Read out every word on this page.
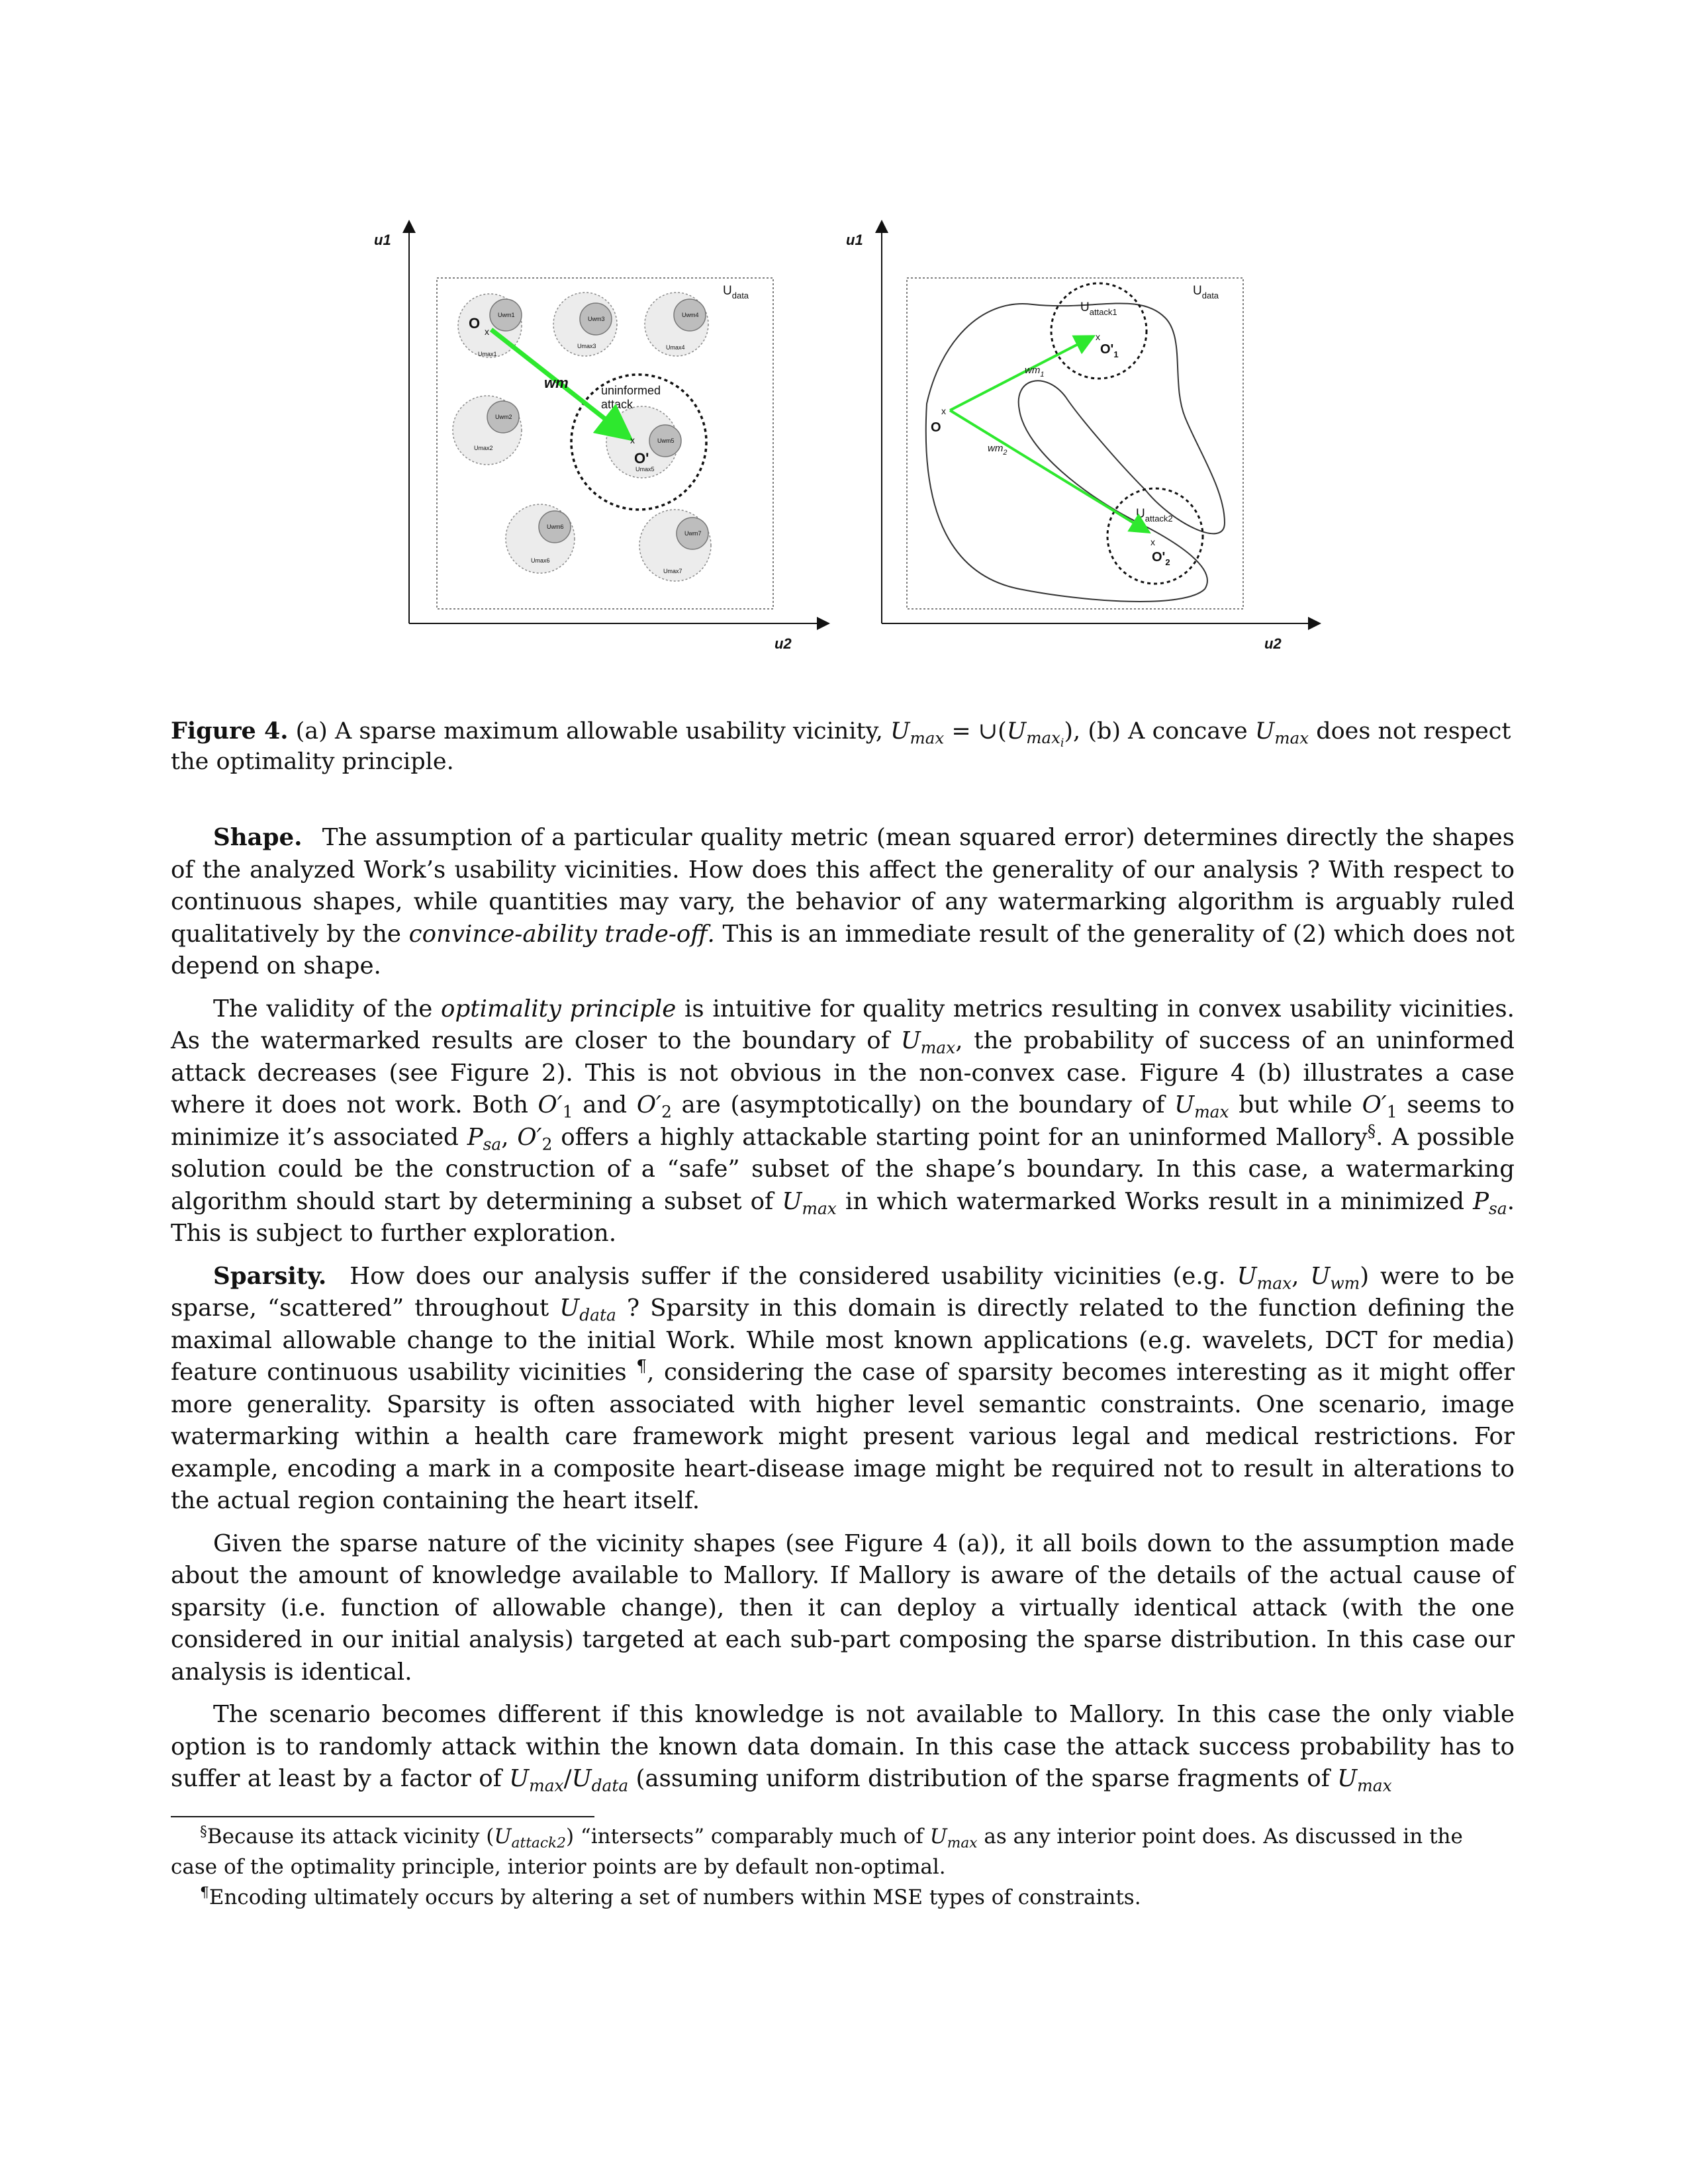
u1
u2
$U_{data}$
Uwm1
Umax1
Uwm3
Umax3
Uwm4
Umax4
Uwm2
Umax2
Uwm5
Umax5
uninformed
attack
Uwm6
Umax6
Uwm7
Umax7
O x
wm
x
O'
u1
u2
$U_{data}$
$U_{attack1}$
x
$O'_1$
$U_{attack2}$
x
$O'_2$
x
O
$wm_1$
$wm_2$
Figure 4. (a) A sparse maximum allowable usability vicinity, $U_{max}$ = $\cup(U_{max_i})$, (b) A concave $U_{max}$ does not respect the optimality principle.

Shape. The assumption of a particular quality metric (mean squared error) determines directly the shapes of the analyzed Work’s usability vicinities. How does this affect the generality of our analysis ? With respect to continuous shapes, while quantities may vary, the behavior of any watermarking algorithm is arguably ruled qualitatively by the convince-ability trade-off. This is an immediate result of the generality of (2) which does not depend on shape.

The validity of the optimality principle is intuitive for quality metrics resulting in convex usability vicinities. As the watermarked results are closer to the boundary of $U_{max}$, the probability of success of an uninformed attack decreases (see Figure 2). This is not obvious in the non-convex case. Figure 4 (b) illustrates a case where it does not work. Both $O'_1$ and $O'_2$ are (asymptotically) on the boundary of $U_{max}$ but while $O'_1$ seems to minimize it’s associated $P_{sa}$, $O'_2$ offers a highly attackable starting point for an uninformed Mallory§. A possible solution could be the construction of a “safe” subset of the shape’s boundary. In this case, a watermarking algorithm should start by determining a subset of $U_{max}$ in which watermarked Works result in a minimized $P_{sa}$. This is subject to further exploration.

Sparsity. How does our analysis suffer if the considered usability vicinities (e.g. $U_{max}$, $U_{wm}$) were to be sparse, “scattered” throughout $U_{data}$ ? Sparsity in this domain is directly related to the function defining the maximal allowable change to the initial Work. While most known applications (e.g. wavelets, DCT for media) feature continuous usability vicinities ¶, considering the case of sparsity becomes interesting as it might offer more generality. Sparsity is often associated with higher level semantic constraints. One scenario, image watermarking within a health care framework might present various legal and medical restrictions. For example, encoding a mark in a composite heart-disease image might be required not to result in alterations to the actual region containing the heart itself.

Given the sparse nature of the vicinity shapes (see Figure 4 (a)), it all boils down to the assumption made about the amount of knowledge available to Mallory. If Mallory is aware of the details of the actual cause of sparsity (i.e. function of allowable change), then it can deploy a virtually identical attack (with the one considered in our initial analysis) targeted at each sub-part composing the sparse distribution. In this case our analysis is identical.

The scenario becomes different if this knowledge is not available to Mallory. In this case the only viable option is to randomly attack within the known data domain. In this case the attack success probability has to suffer at least by a factor of $U_{max}/U_{data}$ (assuming uniform distribution of the sparse fragments of $U_{max}$

§Because its attack vicinity $(U_{attack2})$ “intersects” comparably much of $U_{max}$ as any interior point does. As discussed in the case of the optimality principle, interior points are by default non-optimal.

¶Encoding ultimately occurs by altering a set of numbers within MSE types of constraints.
